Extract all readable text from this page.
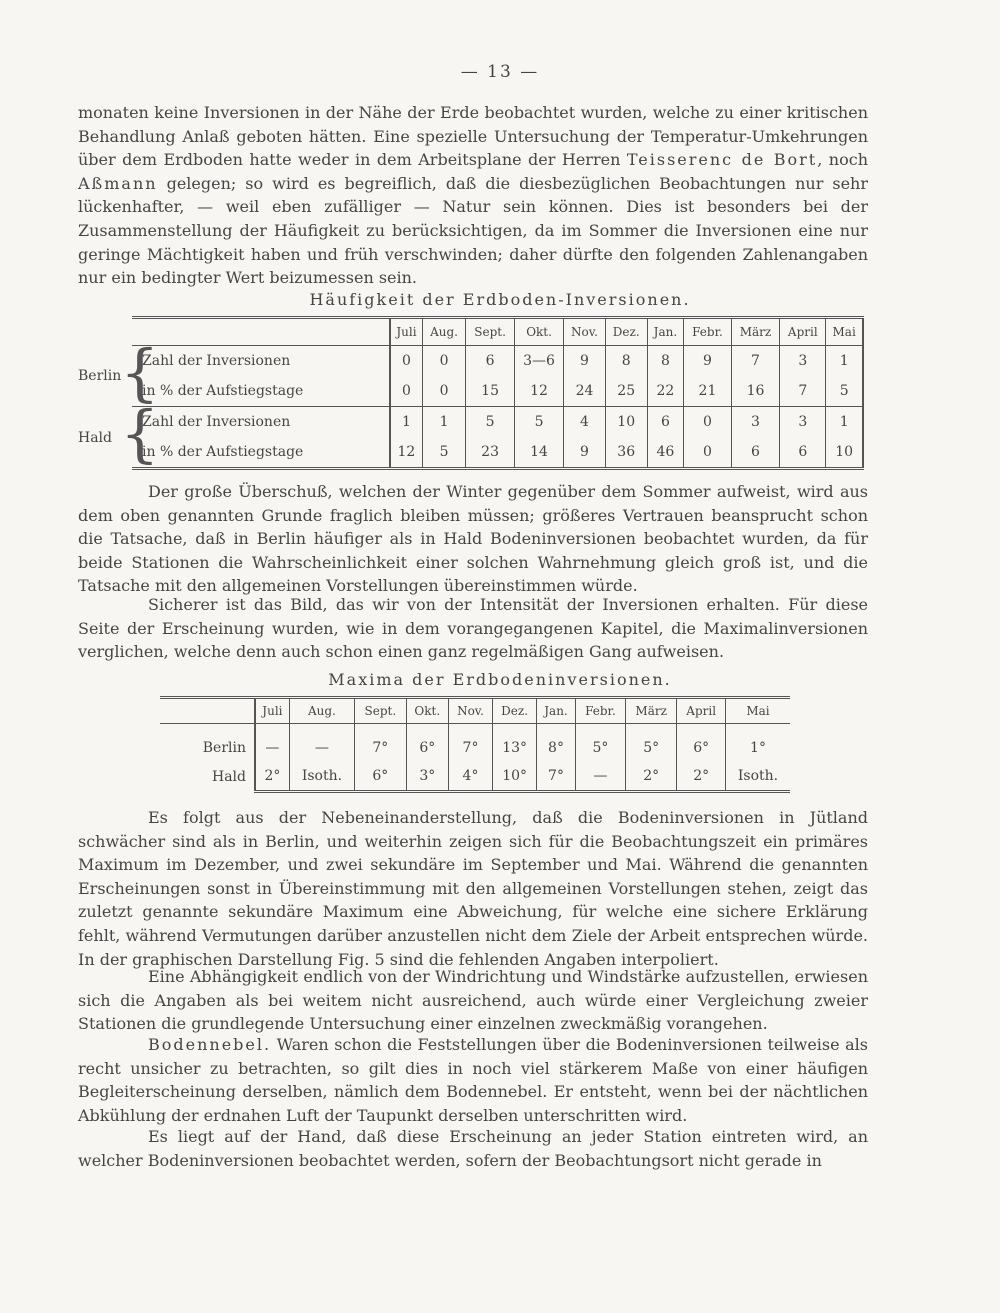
— 13 —

monaten keine Inversionen in der Nähe der Erde beobachtet wurden, welche zu einer kritischen Behandlung Anlaß geboten hätten. Eine spezielle Untersuchung der Temperatur-Umkehrungen über dem Erdboden hatte weder in dem Arbeitsplane der Herren Teisserenc de Bort, noch Aßmann gelegen; so wird es begreiflich, daß die diesbezüglichen Beobachtungen nur sehr lückenhafter, — weil eben zufälliger — Natur sein können. Dies ist besonders bei der Zusammenstellung der Häufigkeit zu berücksichtigen, da im Sommer die Inversionen eine nur geringe Mächtigkeit haben und früh verschwinden; daher dürfte den folgenden Zahlenangaben nur ein bedingter Wert beizumessen sein.

Häufigkeit der Erdboden-Inversionen.
		Juli	Aug.	Sept.	Okt.	Nov.	Dez.	Jan.	Febr.	März	April	Mai
Berlin	Zahl der Inversionen	0	0	6	3—6	9	8	8	9	7	3	1
	in % der Aufstiegstage	0	0	15	12	24	25	22	21	16	7	5
Hald	Zahl der Inversionen	1	1	5	5	4	10	6	0	3	3	1
	in % der Aufstiegstage	12	5	23	14	9	36	46	0	6	6	10
{
{

Der große Überschuß, welchen der Winter gegenüber dem Sommer aufweist, wird aus dem oben genannten Grunde fraglich bleiben müssen; größeres Vertrauen beansprucht schon die Tatsache, daß in Berlin häufiger als in Hald Bodeninversionen beobachtet wurden, da für beide Stationen die Wahrscheinlichkeit einer solchen Wahrnehmung gleich groß ist, und die Tatsache mit den allgemeinen Vorstellungen übereinstimmen würde.

Sicherer ist das Bild, das wir von der Intensität der Inversionen erhalten. Für diese Seite der Erscheinung wurden, wie in dem vorangegangenen Kapitel, die Maximalinversionen verglichen, welche denn auch schon einen ganz regelmäßigen Gang aufweisen.

Maxima der Erdbodeninversionen.
	Juli	Aug.	Sept.	Okt.	Nov.	Dez.	Jan.	Febr.	März	April	Mai
Berlin	—	—	7°	6°	7°	13°	8°	5°	5°	6°	1°
Hald	2°	Isoth.	6°	3°	4°	10°	7°	—	2°	2°	Isoth.

Es folgt aus der Nebeneinanderstellung, daß die Bodeninversionen in Jütland schwächer sind als in Berlin, und weiterhin zeigen sich für die Beobachtungszeit ein primäres Maximum im Dezember, und zwei sekundäre im September und Mai. Während die genannten Erscheinungen sonst in Übereinstimmung mit den allgemeinen Vorstellungen stehen, zeigt das zuletzt genannte sekundäre Maximum eine Abweichung, für welche eine sichere Erklärung fehlt, während Vermutungen darüber anzustellen nicht dem Ziele der Arbeit entsprechen würde. In der graphischen Darstellung Fig. 5 sind die fehlenden Angaben interpoliert.

Eine Abhängigkeit endlich von der Windrichtung und Windstärke aufzustellen, erwiesen sich die Angaben als bei weitem nicht ausreichend, auch würde einer Vergleichung zweier Stationen die grundlegende Untersuchung einer einzelnen zweckmäßig vorangehen.

Bodennebel. Waren schon die Feststellungen über die Bodeninversionen teilweise als recht unsicher zu betrachten, so gilt dies in noch viel stärkerem Maße von einer häufigen Begleiterscheinung derselben, nämlich dem Bodennebel. Er entsteht, wenn bei der nächtlichen Abkühlung der erdnahen Luft der Taupunkt derselben unterschritten wird.

Es liegt auf der Hand, daß diese Erscheinung an jeder Station eintreten wird, an welcher Bodeninversionen beobachtet werden, sofern der Beobachtungsort nicht gerade in
